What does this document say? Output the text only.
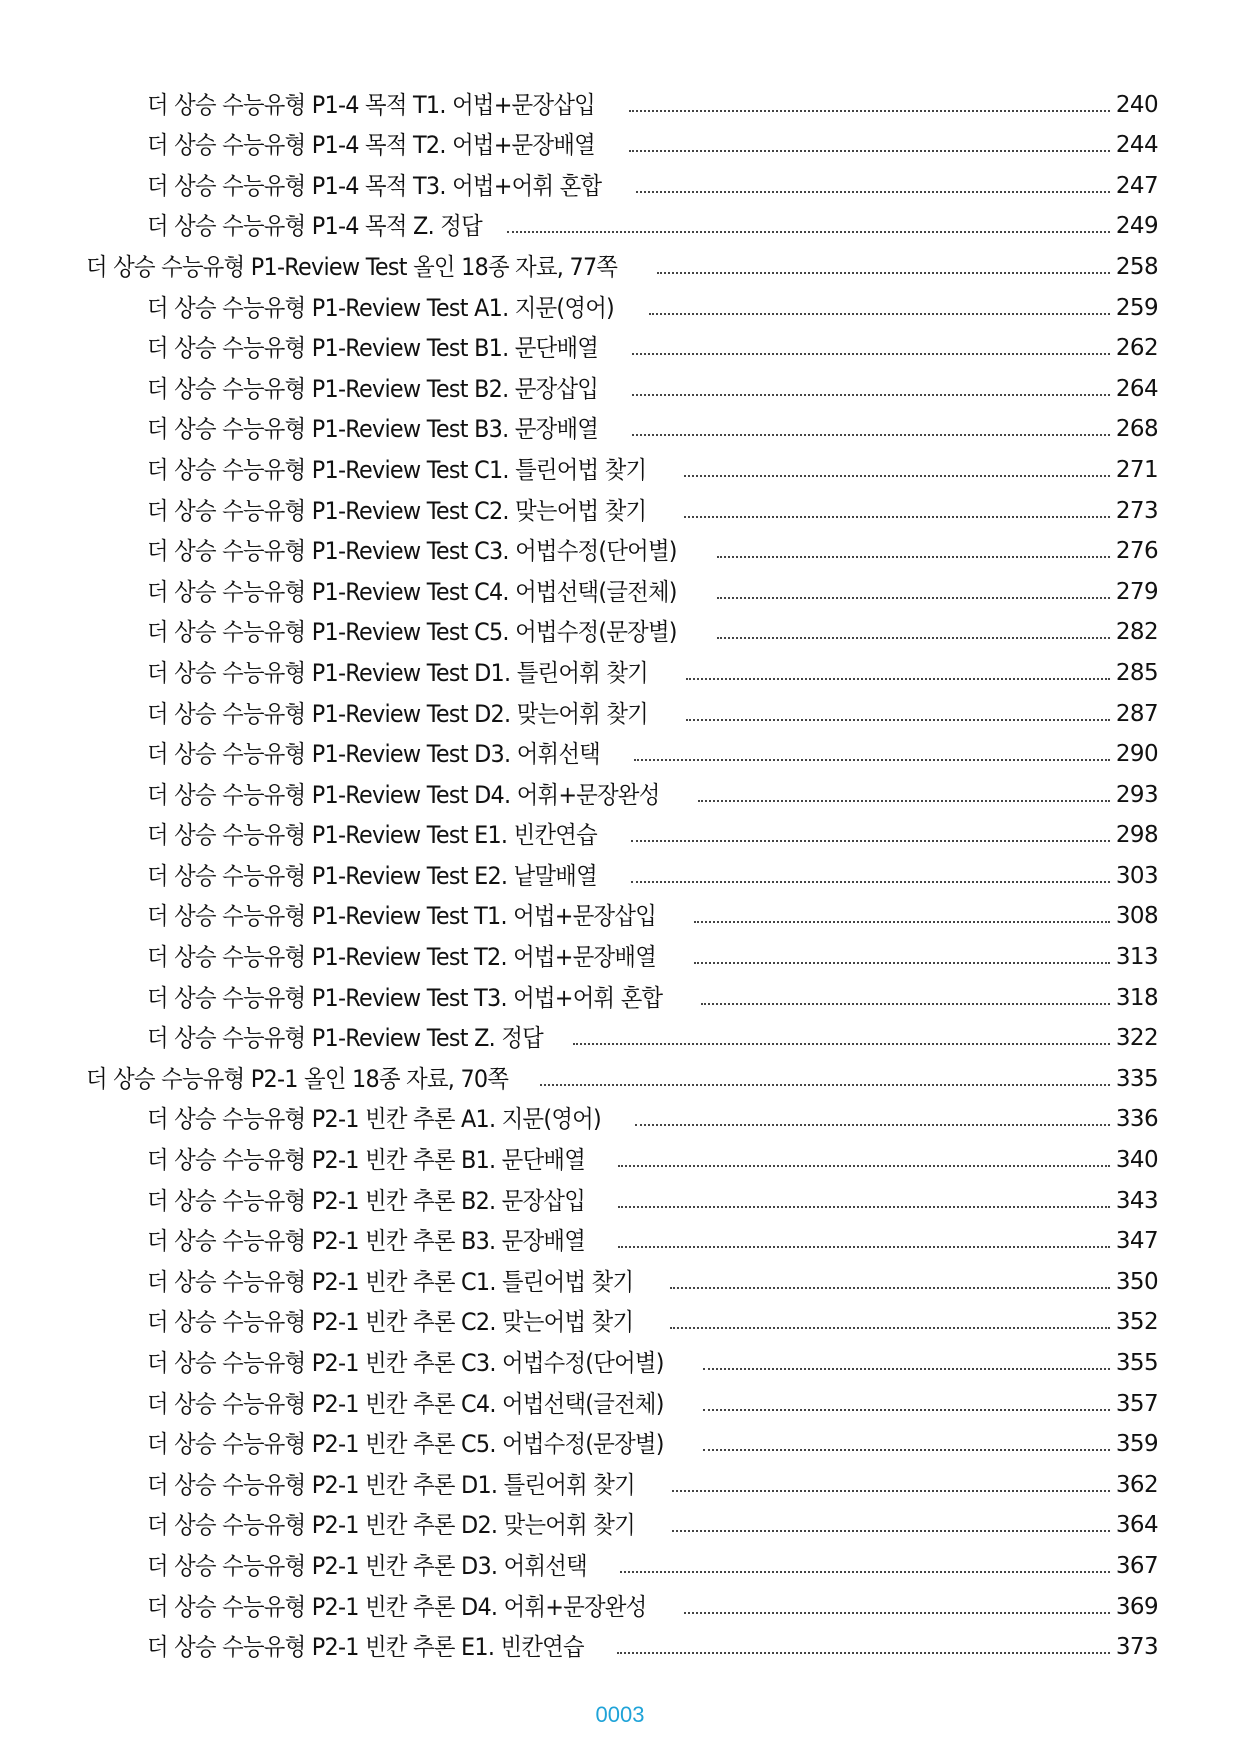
더 상승 수능유형 P1-4 목적 T1. 어법+문장삽입	240
더 상승 수능유형 P1-4 목적 T2. 어법+문장배열	244
더 상승 수능유형 P1-4 목적 T3. 어법+어휘 혼합	247
더 상승 수능유형 P1-4 목적 Z. 정답	249
더 상승 수능유형 P1-Review Test 올인 18종 자료, 77쪽	258
더 상승 수능유형 P1-Review Test A1. 지문(영어)	259
더 상승 수능유형 P1-Review Test B1. 문단배열	262
더 상승 수능유형 P1-Review Test B2. 문장삽입	264
더 상승 수능유형 P1-Review Test B3. 문장배열	268
더 상승 수능유형 P1-Review Test C1. 틀린어법 찾기	271
더 상승 수능유형 P1-Review Test C2. 맞는어법 찾기	273
더 상승 수능유형 P1-Review Test C3. 어법수정(단어별)	276
더 상승 수능유형 P1-Review Test C4. 어법선택(글전체)	279
더 상승 수능유형 P1-Review Test C5. 어법수정(문장별)	282
더 상승 수능유형 P1-Review Test D1. 틀린어휘 찾기	285
더 상승 수능유형 P1-Review Test D2. 맞는어휘 찾기	287
더 상승 수능유형 P1-Review Test D3. 어휘선택	290
더 상승 수능유형 P1-Review Test D4. 어휘+문장완성	293
더 상승 수능유형 P1-Review Test E1. 빈칸연습	298
더 상승 수능유형 P1-Review Test E2. 낱말배열	303
더 상승 수능유형 P1-Review Test T1. 어법+문장삽입	308
더 상승 수능유형 P1-Review Test T2. 어법+문장배열	313
더 상승 수능유형 P1-Review Test T3. 어법+어휘 혼합	318
더 상승 수능유형 P1-Review Test Z. 정답	322
더 상승 수능유형 P2-1 올인 18종 자료, 70쪽	335
더 상승 수능유형 P2-1 빈칸 추론 A1. 지문(영어)	336
더 상승 수능유형 P2-1 빈칸 추론 B1. 문단배열	340
더 상승 수능유형 P2-1 빈칸 추론 B2. 문장삽입	343
더 상승 수능유형 P2-1 빈칸 추론 B3. 문장배열	347
더 상승 수능유형 P2-1 빈칸 추론 C1. 틀린어법 찾기	350
더 상승 수능유형 P2-1 빈칸 추론 C2. 맞는어법 찾기	352
더 상승 수능유형 P2-1 빈칸 추론 C3. 어법수정(단어별)	355
더 상승 수능유형 P2-1 빈칸 추론 C4. 어법선택(글전체)	357
더 상승 수능유형 P2-1 빈칸 추론 C5. 어법수정(문장별)	359
더 상승 수능유형 P2-1 빈칸 추론 D1. 틀린어휘 찾기	362
더 상승 수능유형 P2-1 빈칸 추론 D2. 맞는어휘 찾기	364
더 상승 수능유형 P2-1 빈칸 추론 D3. 어휘선택	367
더 상승 수능유형 P2-1 빈칸 추론 D4. 어휘+문장완성	369
더 상승 수능유형 P2-1 빈칸 추론 E1. 빈칸연습	373
0003
